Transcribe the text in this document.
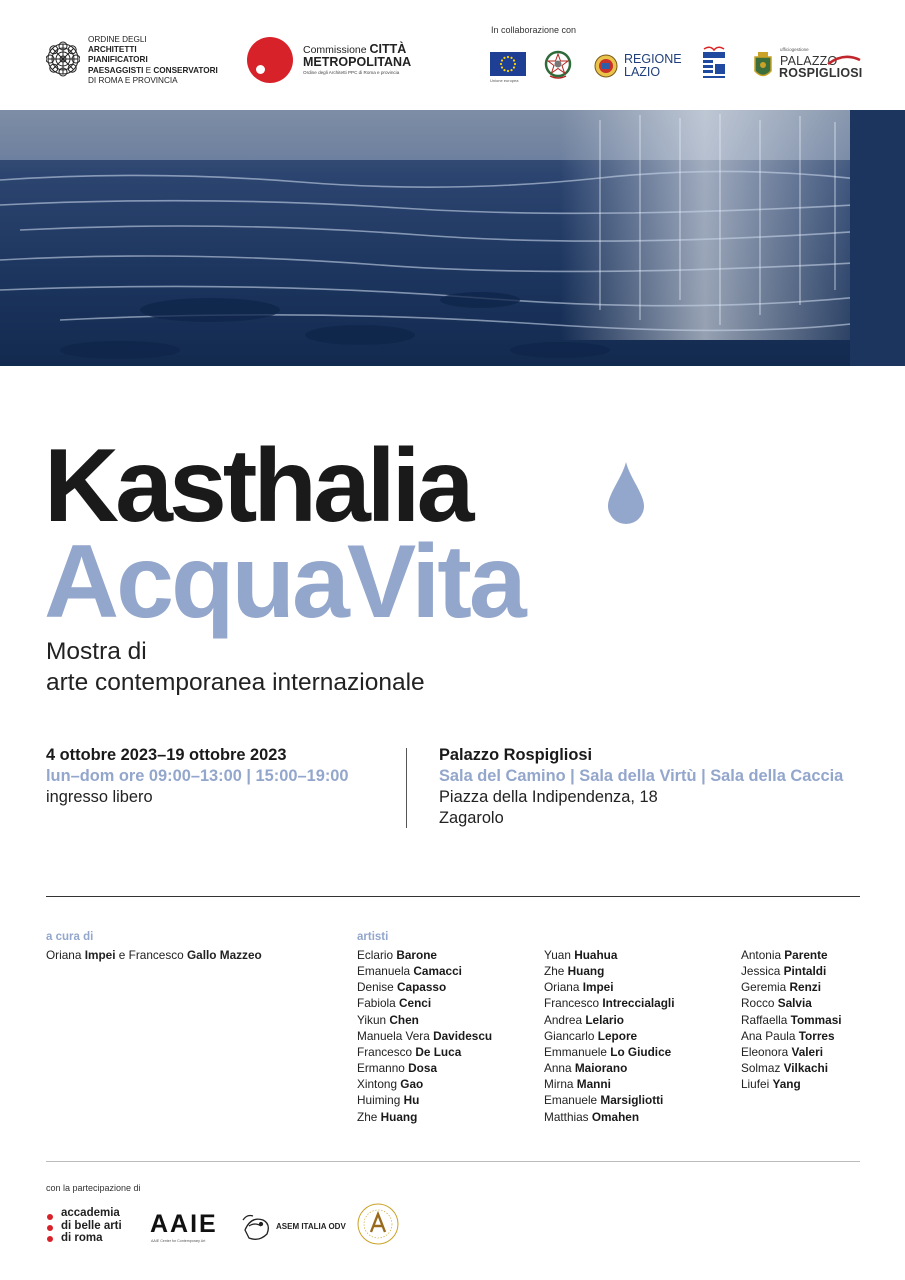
ORDINE DEGLI
ARCHITETTI
PIANIFICATORI
PAESAGGISTI E CONSERVATORI
DI ROMA E PROVINCIA
Commissione CITTÀ
METROPOLITANA
Ordine degli Architetti PPC di Roma e provincia
In collaborazione con
Unione europea
REGIONE
LAZIO
ufficiogestione
PALAZZO
ROSPIGLIOSI
Kasthalia
AcquaVita
Mostra di
arte contemporanea internazionale
4 ottobre 2023–19 ottobre 2023
lun–dom ore 09:00–13:00 | 15:00–19:00
ingresso libero
Palazzo Rospigliosi
Sala del Camino | Sala della Virtù | Sala della Caccia
Piazza della Indipendenza, 18
Zagarolo
a cura di
Oriana Impei e Francesco Gallo Mazzeo
artisti
Eclario Barone
Emanuela Camacci
Denise Capasso
Fabiola Cenci
Yikun Chen
Manuela Vera Davidescu
Francesco De Luca
Ermanno Dosa
Xintong Gao
Huiming Hu
Zhe Huang
Yuan Huahua
Zhe Huang
Oriana Impei
Francesco Intreccialagli
Andrea Lelario
Giancarlo Lepore
Emmanuele Lo Giudice
Anna Maiorano
Mirna Manni
Emanuele Marsigliotti
Matthias Omahen
Antonia Parente
Jessica Pintaldi
Geremia Renzi
Rocco Salvia
Raffaella Tommasi
Ana Paula Torres
Eleonora Valeri
Solmaz Vilkachi
Liufei Yang
con la partecipazione di
accademia
di belle arti
di roma	AAIE
AAIE Center for Contemporary Art
ASEM ITALIA ODV
